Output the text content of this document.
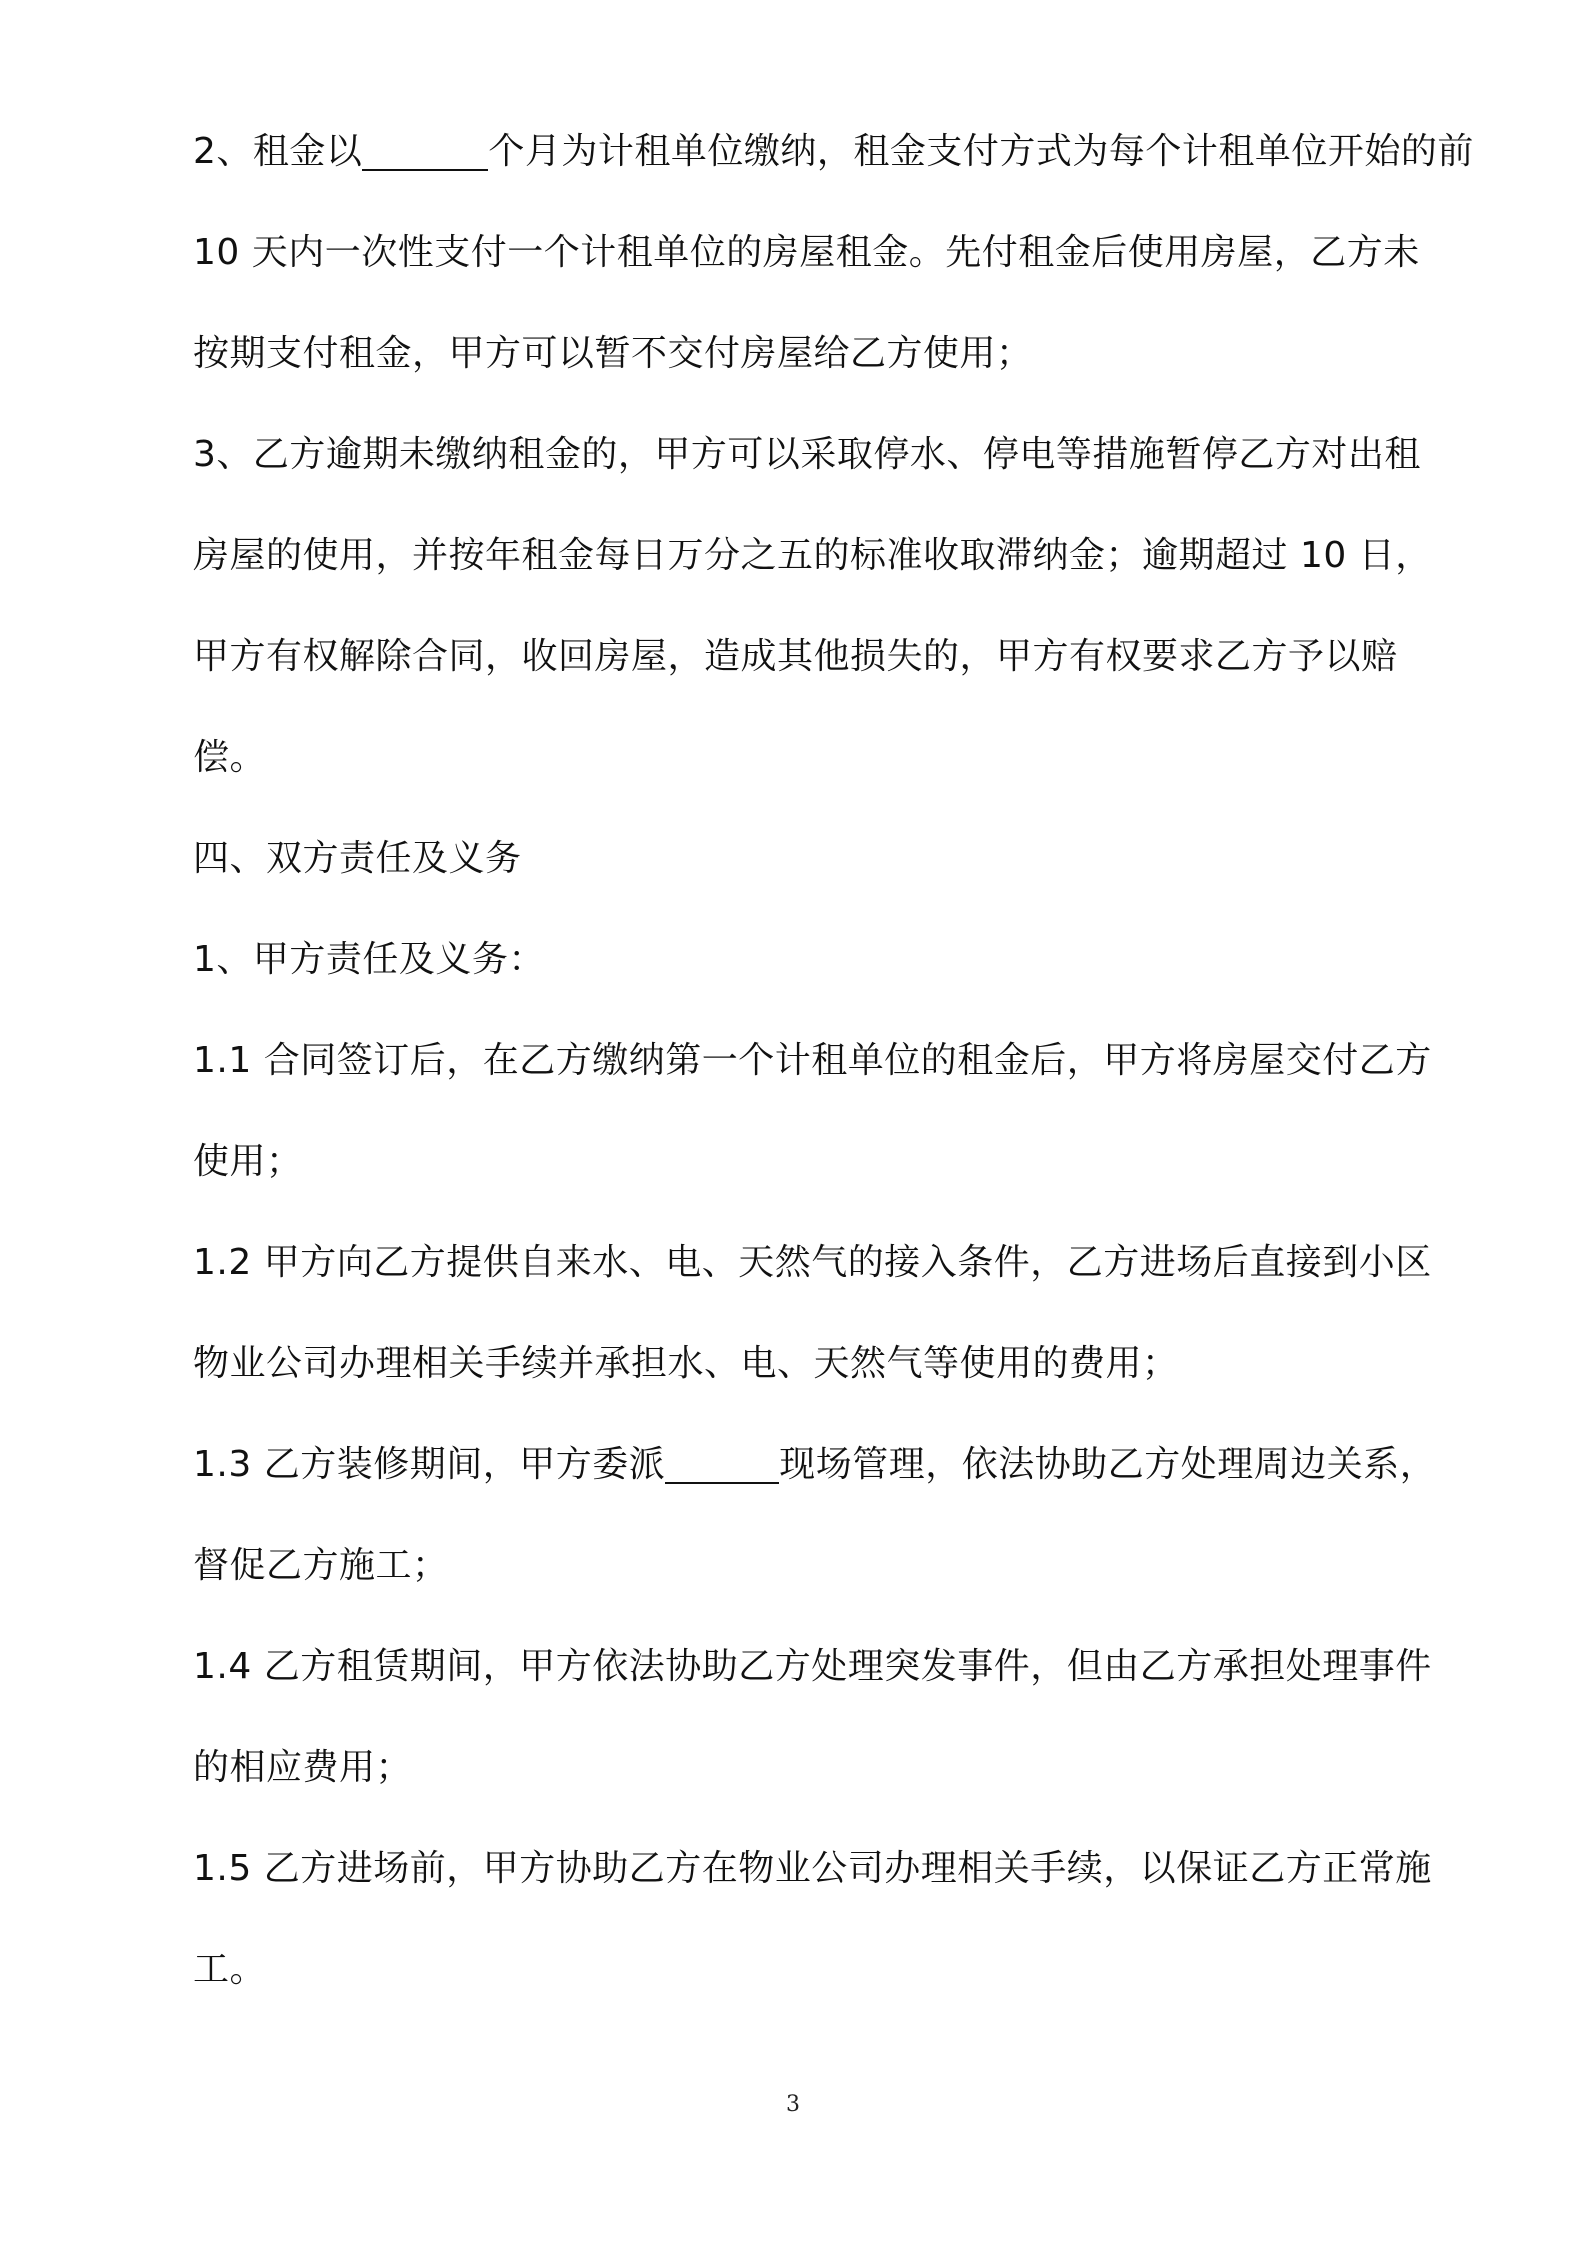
2、租金以	个月为计租单位缴纳，租金支付方式为每个计租单位开始的前
10 天内一次性支付一个计租单位的房屋租金。先付租金后使用房屋，乙方未
按期支付租金，甲方可以暂不交付房屋给乙方使用；
3、乙方逾期未缴纳租金的，甲方可以采取停水、停电等措施暂停乙方对出租
房屋的使用，并按年租金每日万分之五的标准收取滞纳金；逾期超过 10 日，
甲方有权解除合同，收回房屋，造成其他损失的，甲方有权要求乙方予以赔
偿。
四、双方责任及义务
1、甲方责任及义务：
1.1 合同签订后，在乙方缴纳第一个计租单位的租金后，甲方将房屋交付乙方
使用；
1.2 甲方向乙方提供自来水、电、天然气的接入条件，乙方进场后直接到小区
物业公司办理相关手续并承担水、电、天然气等使用的费用；
1.3 乙方装修期间，甲方委派	现场管理，依法协助乙方处理周边关系，
督促乙方施工；
1.4 乙方租赁期间，甲方依法协助乙方处理突发事件，但由乙方承担处理事件
的相应费用；
1.5 乙方进场前，甲方协助乙方在物业公司办理相关手续，以保证乙方正常施
工。
3
